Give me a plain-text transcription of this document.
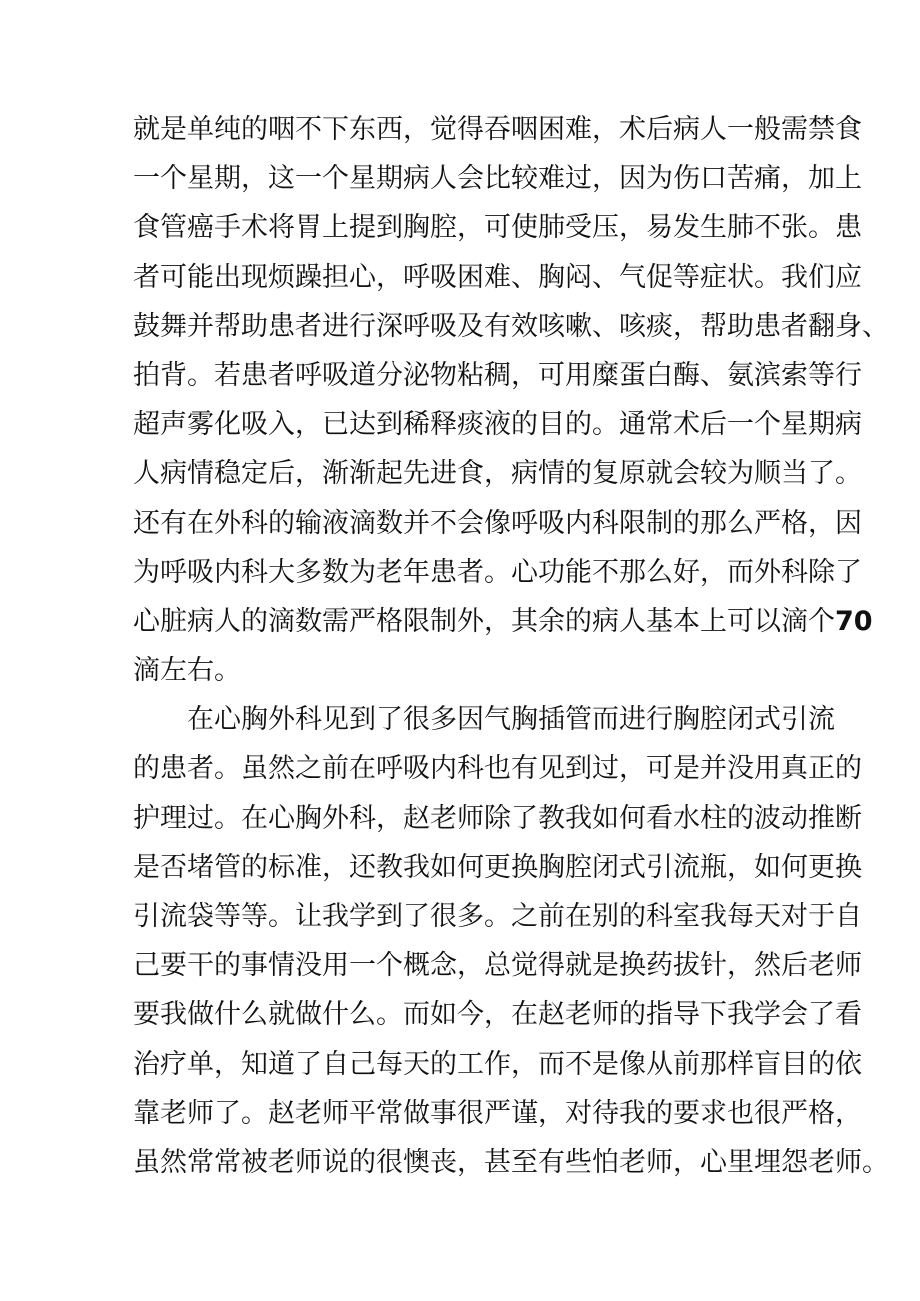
就是单纯的咽不下东西，觉得吞咽困难，术后病人一般需禁食
一个星期，这一个星期病人会比较难过，因为伤口苦痛，加上
食管癌手术将胃上提到胸腔，可使肺受压，易发生肺不张。患
者可能出现烦躁担心，呼吸困难、胸闷、气促等症状。我们应
鼓舞并帮助患者进行深呼吸及有效咳嗽、咳痰，帮助患者翻身、
拍背。若患者呼吸道分泌物粘稠，可用糜蛋白酶、氨滨索等行
超声雾化吸入，已达到稀释痰液的目的。通常术后一个星期病
人病情稳定后，渐渐起先进食，病情的复原就会较为顺当了。
还有在外科的输液滴数并不会像呼吸内科限制的那么严格，因
为呼吸内科大多数为老年患者。心功能不那么好，而外科除了
心脏病人的滴数需严格限制外，其余的病人基本上可以滴个70
滴左右。
在心胸外科见到了很多因气胸插管而进行胸腔闭式引流
的患者。虽然之前在呼吸内科也有见到过，可是并没用真正的
护理过。在心胸外科，赵老师除了教我如何看水柱的波动推断
是否堵管的标准，还教我如何更换胸腔闭式引流瓶，如何更换
引流袋等等。让我学到了很多。之前在别的科室我每天对于自
己要干的事情没用一个概念，总觉得就是换药拔针，然后老师
要我做什么就做什么。而如今，在赵老师的指导下我学会了看
治疗单，知道了自己每天的工作，而不是像从前那样盲目的依
靠老师了。赵老师平常做事很严谨，对待我的要求也很严格，
虽然常常被老师说的很懊丧，甚至有些怕老师，心里埋怨老师。
